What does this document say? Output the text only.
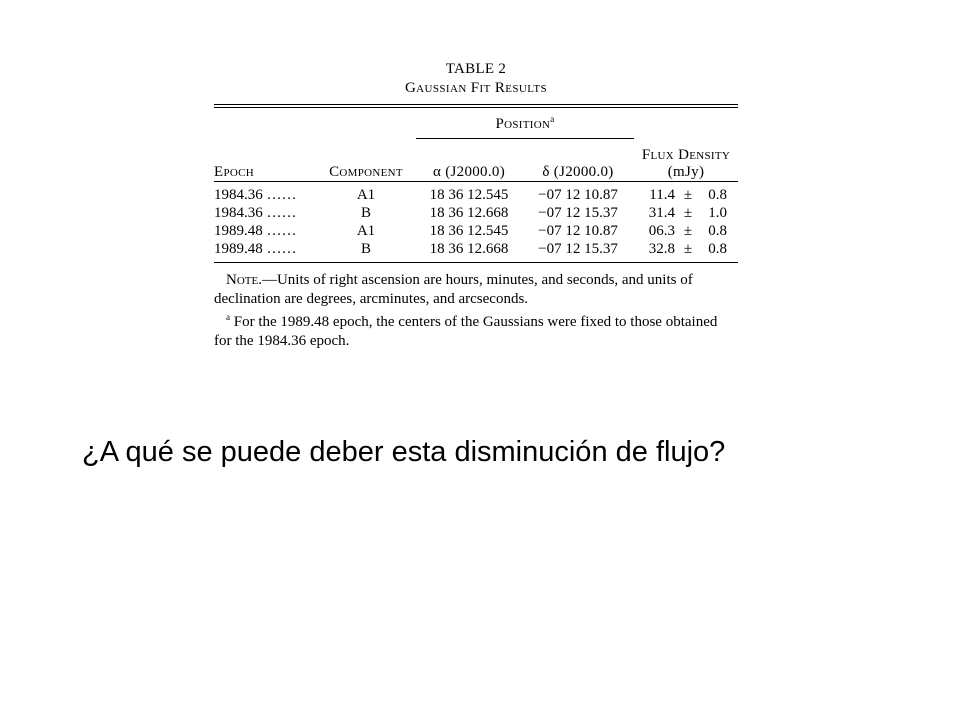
TABLE 2
Gaussian Fit Results
		Position$^a$	
Epoch	Component	α (J2000.0)	δ (J2000.0)	Flux Density
(mJy)

1984.36 ……	A1	18 36 12.545	−07 12 10.87	11.4 ± 0.8
1984.36 ……	B	18 36 12.668	−07 12 15.37	31.4 ± 1.0
1989.48 ……	A1	18 36 12.545	−07 12 10.87	06.3 ± 0.8
1989.48 ……	B	18 36 12.668	−07 12 15.37	32.8 ± 0.8

Note.—Units of right ascension are hours, minutes, and seconds, and units of declination are degrees, arcminutes, and arcseconds.

$^a$ For the 1989.48 epoch, the centers of the Gaussians were fixed to those obtained for the 1984.36 epoch.

¿A qué se puede deber esta disminución de flujo?
